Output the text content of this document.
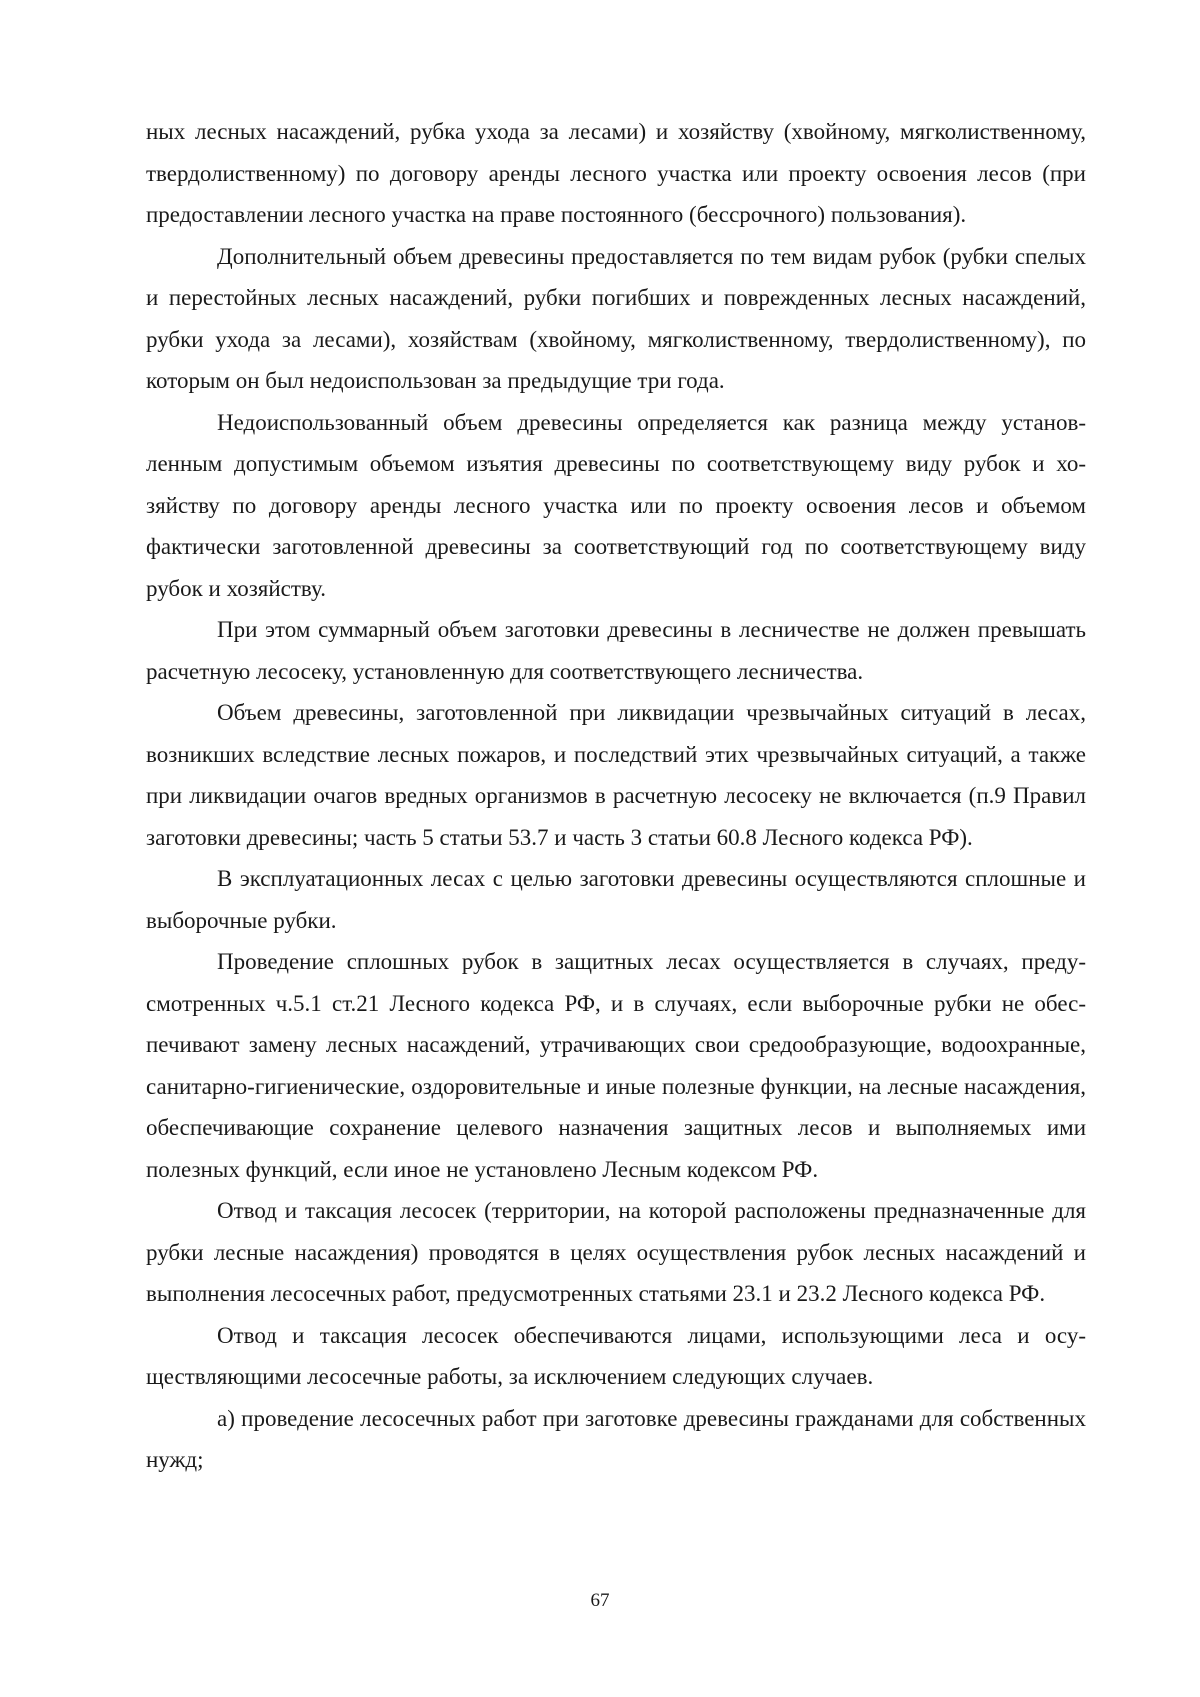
ных лесных насаждений, рубка ухода за лесами) и хозяйству (хвойному, мягколиственному, твердолиственному) по договору аренды лесного участка или проекту освоения лесов (при предоставлении лесного участка на праве постоянного (бессрочного) пользования).

Дополнительный объем древесины предоставляется по тем видам рубок (рубки спелых и перестойных лесных насаждений, рубки погибших и поврежденных лесных насаждений, рубки ухода за лесами), хозяйствам (хвойному, мягколиственному, твердолиственному), по которым он был недоиспользован за предыдущие три года.

Недоиспользованный объем древесины определяется как разница между установленным допустимым объемом изъятия древесины по соответствующему виду рубок и хозяйству по договору аренды лесного участка или по проекту освоения лесов и объемом фактически заготовленной древесины за соответствующий год по соответствующему виду рубок и хозяйству.

При этом суммарный объем заготовки древесины в лесничестве не должен превышать расчетную лесосеку, установленную для соответствующего лесничества.

Объем древесины, заготовленной при ликвидации чрезвычайных ситуаций в лесах, возникших вследствие лесных пожаров, и последствий этих чрезвычайных ситуаций, а также при ликвидации очагов вредных организмов в расчетную лесосеку не включается (п.9 Правил заготовки древесины; часть 5 статьи 53.7 и часть 3 статьи 60.8 Лесного кодекса РФ).

В эксплуатационных лесах с целью заготовки древесины осуществляются сплошные и выборочные рубки.

Проведение сплошных рубок в защитных лесах осуществляется в случаях, предусмотренных ч.5.1 ст.21 Лесного кодекса РФ, и в случаях, если выборочные рубки не обеспечивают замену лесных насаждений, утрачивающих свои средообразующие, водоохранные, санитарно-гигиенические, оздоровительные и иные полезные функции, на лесные насаждения, обеспечивающие сохранение целевого назначения защитных лесов и выполняемых ими полезных функций, если иное не установлено Лесным кодексом РФ.

Отвод и таксация лесосек (территории, на которой расположены предназначенные для рубки лесные насаждения) проводятся в целях осуществления рубок лесных насаждений и выполнения лесосечных работ, предусмотренных статьями 23.1 и 23.2 Лесного кодекса РФ.

Отвод и таксация лесосек обеспечиваются лицами, использующими леса и осуществляющими лесосечные работы, за исключением следующих случаев.

а) проведение лесосечных работ при заготовке древесины гражданами для собственных нужд;

67
